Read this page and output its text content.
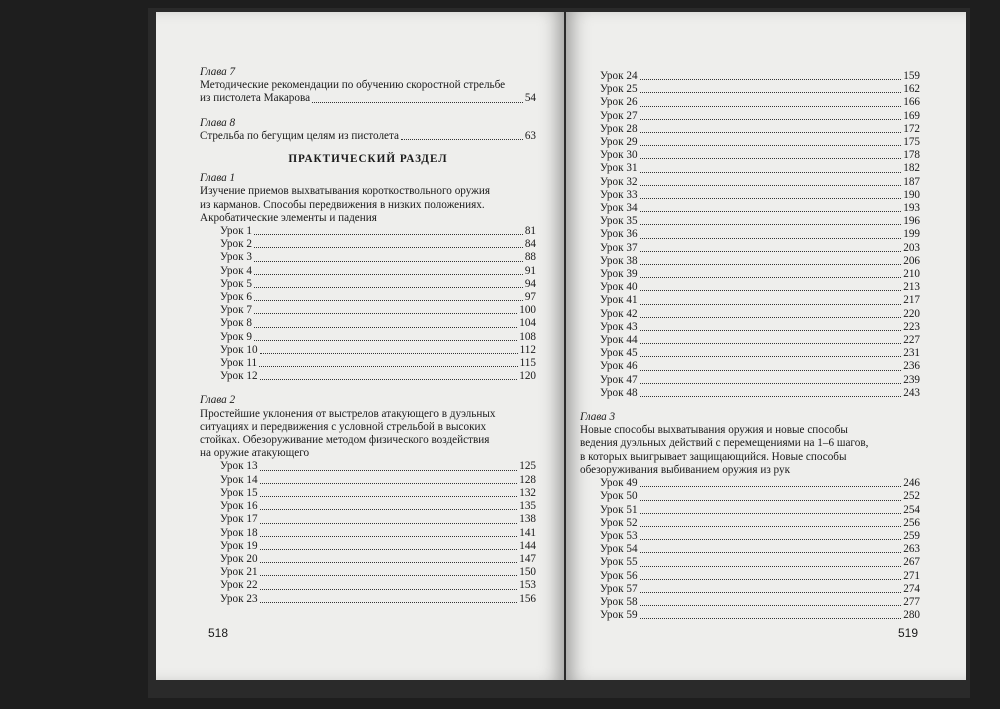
Глава 7
Методические рекомендации по обучению скоростной стрельбе
из пистолета Макарова	54
Глава 8
Стрельба по бегущим целям из пистолета	63
ПРАКТИЧЕСКИЙ РАЗДЕЛ
Глава 1
Изучение приемов выхватывания короткоствольного оружия
из карманов. Способы передвижения в низких положениях.
Акробатические элементы и падения
Урок 1	81
Урок 2	84
Урок 3	88
Урок 4	91
Урок 5	94
Урок 6	97
Урок 7	100
Урок 8	104
Урок 9	108
Урок 10	112
Урок 11	115
Урок 12	120
Глава 2
Простейшие уклонения от выстрелов атакующего в дуэльных
ситуациях и передвижения с условной стрельбой в высоких
стойках. Обезоруживание методом физического воздействия
на оружие атакующего
Урок 13	125
Урок 14	128
Урок 15	132
Урок 16	135
Урок 17	138
Урок 18	141
Урок 19	144
Урок 20	147
Урок 21	150
Урок 22	153
Урок 23	156
518
Урок 24	159
Урок 25	162
Урок 26	166
Урок 27	169
Урок 28	172
Урок 29	175
Урок 30	178
Урок 31	182
Урок 32	187
Урок 33	190
Урок 34	193
Урок 35	196
Урок 36	199
Урок 37	203
Урок 38	206
Урок 39	210
Урок 40	213
Урок 41	217
Урок 42	220
Урок 43	223
Урок 44	227
Урок 45	231
Урок 46	236
Урок 47	239
Урок 48	243
Глава 3
Новые способы выхватывания оружия и новые способы
ведения дуэльных действий с перемещениями на 1–6 шагов,
в которых выигрывает защищающийся. Новые способы
обезоруживания выбиванием оружия из рук
Урок 49	246
Урок 50	252
Урок 51	254
Урок 52	256
Урок 53	259
Урок 54	263
Урок 55	267
Урок 56	271
Урок 57	274
Урок 58	277
Урок 59	280
519
